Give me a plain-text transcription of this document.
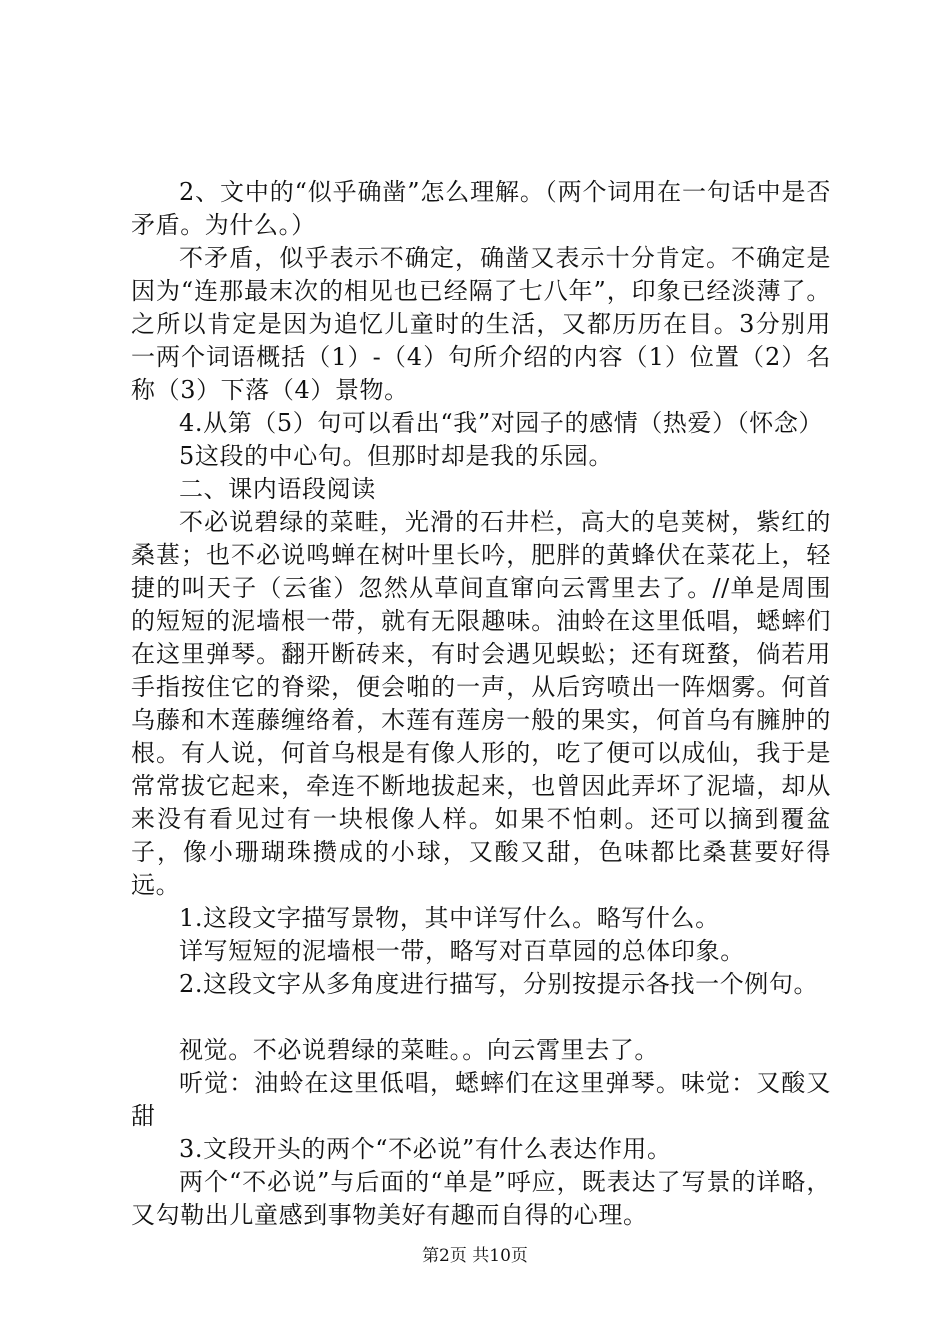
2、文中的“似乎确凿”怎么理解。（两个词用在一句话中是否矛盾。为什么。）

不矛盾，似乎表示不确定，确凿又表示十分肯定。不确定是因为“连那最末次的相见也已经隔了七八年”，印象已经淡薄了。之所以肯定是因为追忆儿童时的生活，又都历历在目。3分别用一两个词语概括（1）-（4）句所介绍的内容（1）位置（2）名称（3）下落（4）景物。

4.从第（5）句可以看出“我”对园子的感情（热爱）（怀念）

5这段的中心句。但那时却是我的乐园。

二、课内语段阅读

不必说碧绿的菜畦，光滑的石井栏，高大的皂荚树，紫红的桑葚；也不必说鸣蝉在树叶里长吟，肥胖的黄蜂伏在菜花上，轻捷的叫天子（云雀）忽然从草间直窜向云霄里去了。//单是周围的短短的泥墙根一带，就有无限趣味。油蛉在这里低唱，蟋蟀们在这里弹琴。翻开断砖来，有时会遇见蜈蚣；还有斑蝥，倘若用手指按住它的脊梁，便会啪的一声，从后窍喷出一阵烟雾。何首乌藤和木莲藤缠络着，木莲有莲房一般的果实，何首乌有臃肿的根。有人说，何首乌根是有像人形的，吃了便可以成仙，我于是常常拔它起来，牵连不断地拔起来，也曾因此弄坏了泥墙，却从来没有看见过有一块根像人样。如果不怕刺。还可以摘到覆盆子，像小珊瑚珠攒成的小球，又酸又甜，色味都比桑葚要好得远。

1.这段文字描写景物，其中详写什么。略写什么。

详写短短的泥墙根一带，略写对百草园的总体印象。

2.这段文字从多角度进行描写，分别按提示各找一个例句。

视觉。不必说碧绿的菜畦。。向云霄里去了。

听觉：油蛉在这里低唱，蟋蟀们在这里弹琴。味觉：又酸又甜

3.文段开头的两个“不必说”有什么表达作用。

两个“不必说”与后面的“单是”呼应，既表达了写景的详略，又勾勒出儿童感到事物美好有趣而自得的心理。

第2页 共10页
